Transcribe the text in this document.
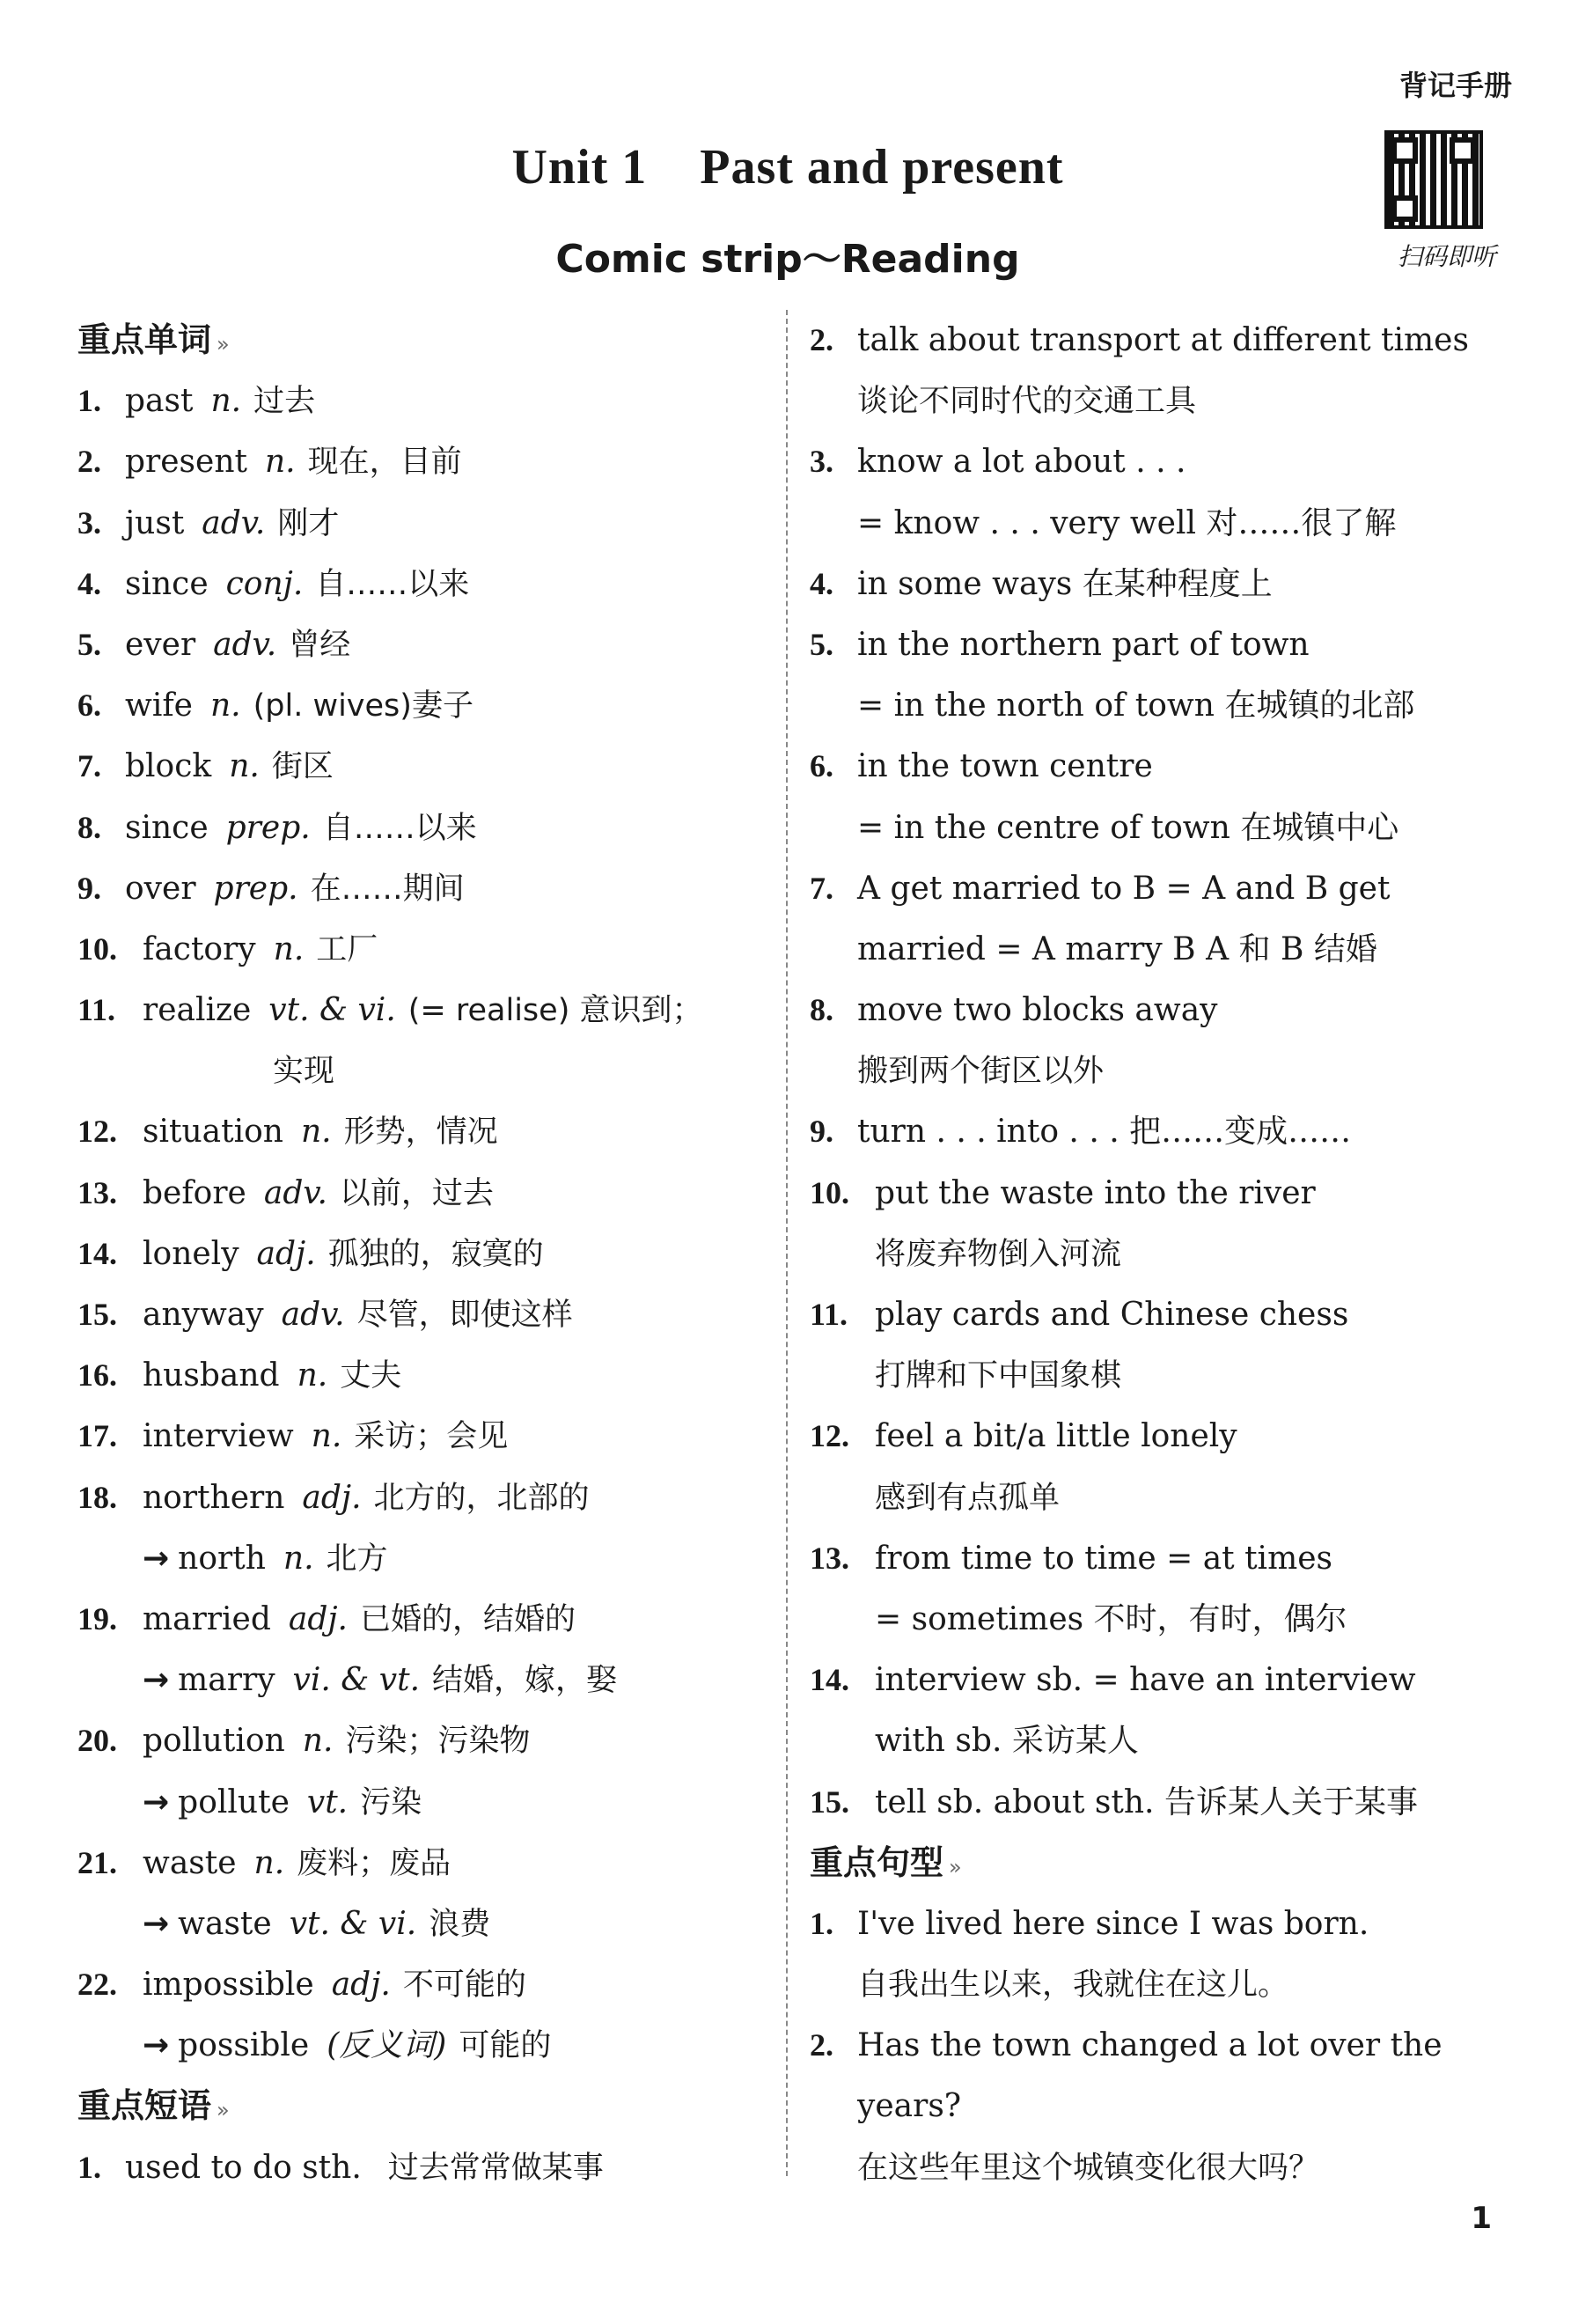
背记手册
Unit 1 Past and present
Comic strip～Reading	扫码即听
重点单词 »
1. past n. 过去
2. present n. 现在，目前
3. just adv. 刚才
4. since conj. 自……以来
5. ever adv. 曾经
6. wife n. (pl. wives)妻子
7. block n. 街区
8. since prep. 自……以来
9. over prep. 在……期间
10. factory n. 工厂
11. realize vt. & vi. (= realise) 意识到；
实现
12. situation n. 形势，情况
13. before adv. 以前，过去
14. lonely adj. 孤独的，寂寞的
15. anyway adv. 尽管，即使这样
16. husband n. 丈夫
17. interview n. 采访；会见
18. northern adj. 北方的，北部的
→ north n. 北方
19. married adj. 已婚的，结婚的
→ marry vi. & vt. 结婚，嫁，娶
20. pollution n. 污染；污染物
→ pollute vt. 污染
21. waste n. 废料；废品
→ waste vt. & vi. 浪费
22. impossible adj. 不可能的
→ possible (反义词) 可能的
重点短语 »
1. used to do sth. 过去常常做某事
2. talk about transport at different times
谈论不同时代的交通工具
3. know a lot about . . .
= know . . . very well 对……很了解
4. in some ways 在某种程度上
5. in the northern part of town
= in the north of town 在城镇的北部
6. in the town centre
= in the centre of town 在城镇中心
7. A get married to B = A and B get
married = A marry B A 和 B 结婚
8. move two blocks away
搬到两个街区以外
9. turn . . . into . . . 把……变成……
10. put the waste into the river
将废弃物倒入河流
11. play cards and Chinese chess
打牌和下中国象棋
12. feel a bit/a little lonely
感到有点孤单
13. from time to time = at times
= sometimes 不时，有时，偶尔
14. interview sb. = have an interview
with sb. 采访某人
15. tell sb. about sth. 告诉某人关于某事
重点句型 »
1. I've lived here since I was born.
自我出生以来，我就住在这儿。
2. Has the town changed a lot over the
years?
在这些年里这个城镇变化很大吗？
1
